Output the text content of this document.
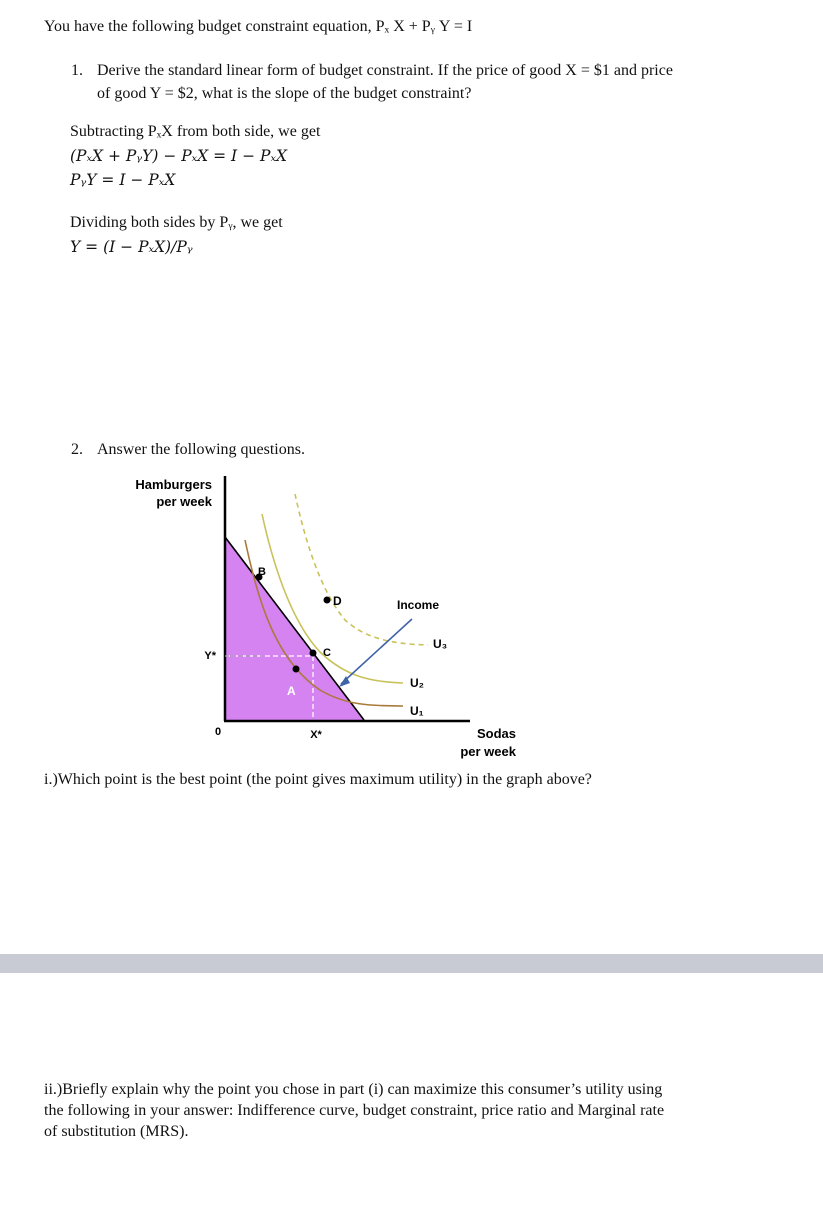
You have the following budget constraint equation, Pₓ X + Pᵧ Y = I

1. Derive the standard linear form of budget constraint. If the price of good X = $1 and price

of good Y = $2, what is the slope of the budget constraint?

Subtracting PₓX from both side, we get

(PₓX + PᵧY) − PₓX = I − PₓX

PᵧY = I − PₓX

Dividing both sides by Pᵧ, we get

Y = (I − PₓX)/Pᵧ

2. Answer the following questions.

Hamburgers
per week
B
D
C
A
Y*
X*
0
Income
U₃
U₂
U₁
Sodas
per week

i.)Which point is the best point (the point gives maximum utility) in the graph above?

ii.)Briefly explain why the point you chose in part (i) can maximize this consumer’s utility using

the following in your answer: Indifference curve, budget constraint, price ratio and Marginal rate

of substitution (MRS).
